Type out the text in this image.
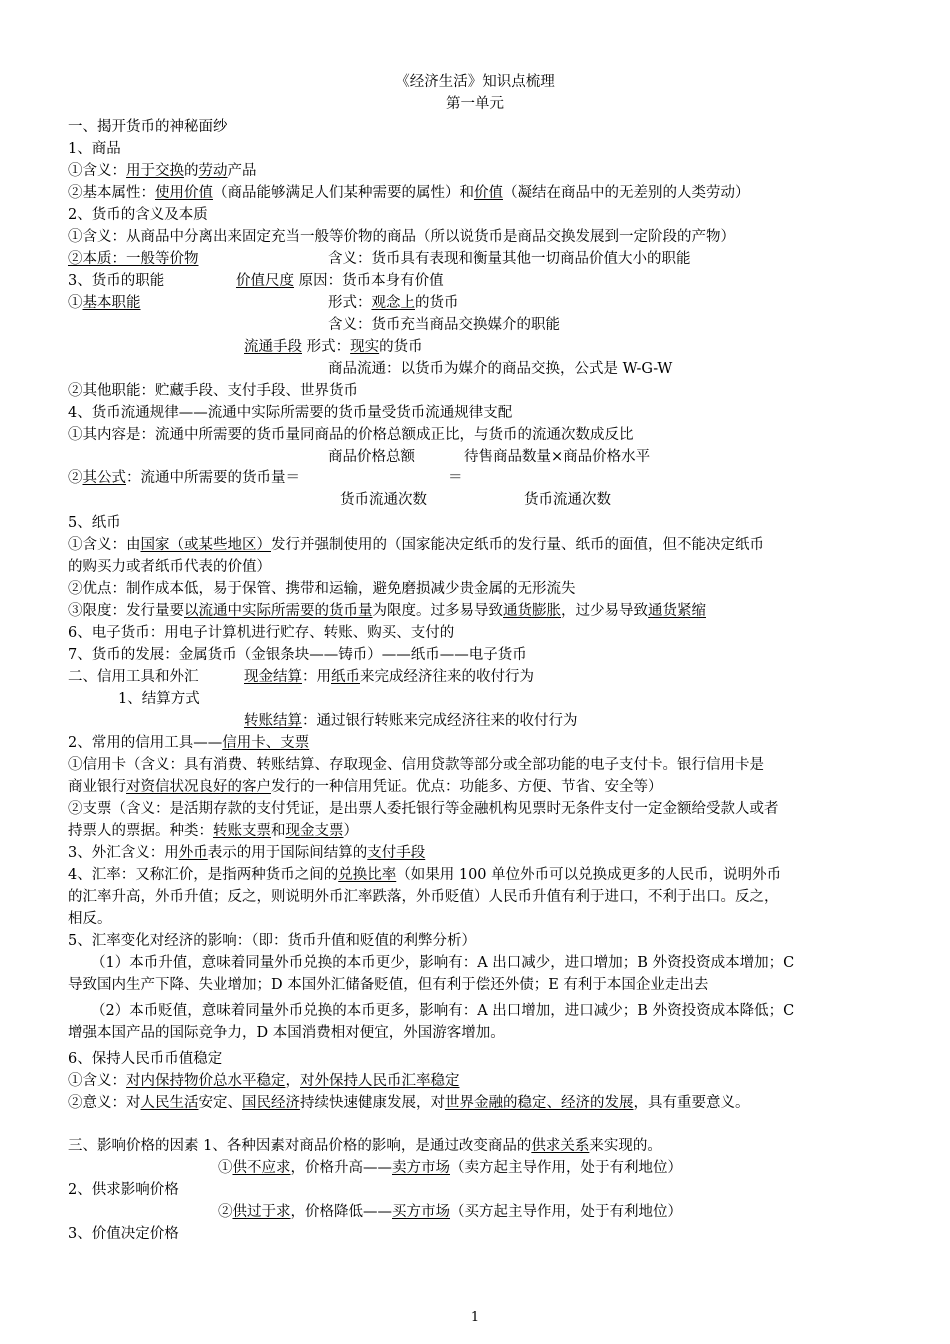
《经济生活》知识点梳理
第一单元
一、揭开货币的神秘面纱
1、商品
①含义：用于交换的劳动产品
②基本属性：使用价值（商品能够满足人们某种需要的属性）和价值（凝结在商品中的无差别的人类劳动）
2、货币的含义及本质
①含义：从商品中分离出来固定充当一般等价物的商品（所以说货币是商品交换发展到一定阶段的产物）
②本质：一般等价物	含义：货币具有表现和衡量其他一切商品价值大小的职能
3、货币的职能	价值尺度 原因：货币本身有价值
①基本职能	形式：观念上的货币
含义：货币充当商品交换媒介的职能
流通手段 形式：现实的货币
商品流通：以货币为媒介的商品交换，公式是 W-G-W
②其他职能：贮藏手段、支付手段、世界货币
4、货币流通规律——流通中实际所需要的货币量受货币流通规律支配
①其内容是：流通中所需要的货币量同商品的价格总额成正比，与货币的流通次数成反比
商品价格总额	待售商品数量×商品价格水平
②其公式：流通中所需要的货币量＝	＝
货币流通次数	货币流通次数
5、纸币
①含义：由国家（或某些地区）发行并强制使用的（国家能决定纸币的发行量、纸币的面值，但不能决定纸币
的购买力或者纸币代表的价值）
②优点：制作成本低，易于保管、携带和运输，避免磨损减少贵金属的无形流失
③限度：发行量要以流通中实际所需要的货币量为限度。过多易导致通货膨胀，过少易导致通货紧缩
6、电子货币：用电子计算机进行贮存、转账、购买、支付的
7、货币的发展：金属货币（金银条块——铸币）——纸币——电子货币
二、信用工具和外汇	现金结算：用纸币来完成经济往来的收付行为
1、结算方式
转账结算：通过银行转账来完成经济往来的收付行为
2、常用的信用工具——信用卡、支票
①信用卡（含义：具有消费、转账结算、存取现金、信用贷款等部分或全部功能的电子支付卡。银行信用卡是
商业银行对资信状况良好的客户发行的一种信用凭证。优点：功能多、方便、节省、安全等）
②支票（含义：是活期存款的支付凭证，是出票人委托银行等金融机构见票时无条件支付一定金额给受款人或者
持票人的票据。种类：转账支票和现金支票）
3、外汇含义：用外币表示的用于国际间结算的支付手段
4、汇率：又称汇价，是指两种货币之间的兑换比率（如果用 100 单位外币可以兑换成更多的人民币，说明外币
的汇率升高，外币升值；反之，则说明外币汇率跌落，外币贬值）人民币升值有利于进口，不利于出口。反之，
相反。
5、汇率变化对经济的影响：（即：货币升值和贬值的利弊分析）
（1）本币升值，意味着同量外币兑换的本币更少，影响有：A 出口减少，进口增加；B 外资投资成本增加；C
导致国内生产下降、失业增加；D 本国外汇储备贬值，但有利于偿还外债；E 有利于本国企业走出去
（2）本币贬值，意味着同量外币兑换的本币更多，影响有：A 出口增加，进口减少；B 外资投资成本降低；C
增强本国产品的国际竞争力，D 本国消费相对便宜，外国游客增加。
6、保持人民币币值稳定
①含义：对内保持物价总水平稳定，对外保持人民币汇率稳定
②意义：对人民生活安定、国民经济持续快速健康发展，对世界金融的稳定、经济的发展，具有重要意义。
三、影响价格的因素 1、各种因素对商品价格的影响，是通过改变商品的供求关系来实现的。
①供不应求，价格升高——卖方市场（卖方起主导作用，处于有利地位）
2、供求影响价格
②供过于求，价格降低——买方市场（买方起主导作用，处于有利地位）
3、价值决定价格
1
